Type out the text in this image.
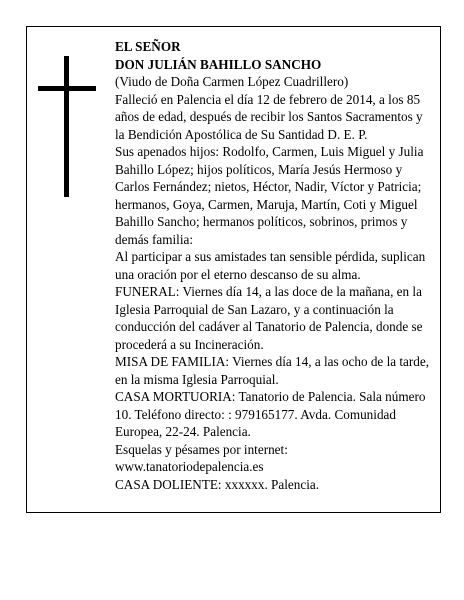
EL SEÑOR

DON JULIÁN BAHILLO SANCHO

(Viudo de Doña Carmen López Cuadrillero)

Falleció en Palencia el día 12 de febrero de 2014, a los 85 años de edad, después de recibir los Santos Sacramentos y la Bendición Apostólica de Su Santidad D. E. P.

Sus apenados hijos: Rodolfo, Carmen, Luis Miguel y Julia Bahillo López; hijos políticos, María Jesús Hermoso y Carlos Fernández; nietos, Héctor, Nadir, Víctor y Patricia; hermanos, Goya, Carmen, Maruja, Martín, Coti y Miguel Bahillo Sancho; hermanos políticos, sobrinos, primos y demás familia:

Al participar a sus amistades tan sensible pérdida, suplican una oración por el eterno descanso de su alma.

FUNERAL: Viernes día 14, a las doce de la mañana, en la Iglesia Parroquial de San Lazaro, y a continuación la conducción del cadáver al Tanatorio de Palencia, donde se procederá a su Incineración.

MISA DE FAMILIA: Viernes día 14, a las ocho de la tarde, en la misma Iglesia Parroquial.

CASA MORTUORIA: Tanatorio de Palencia. Sala número 10. Teléfono directo: : 979165177. Avda. Comunidad Europea, 22-24. Palencia.

Esquelas y pésames por internet:

www.tanatoriodepalencia.es

CASA DOLIENTE: xxxxxx. Palencia.
